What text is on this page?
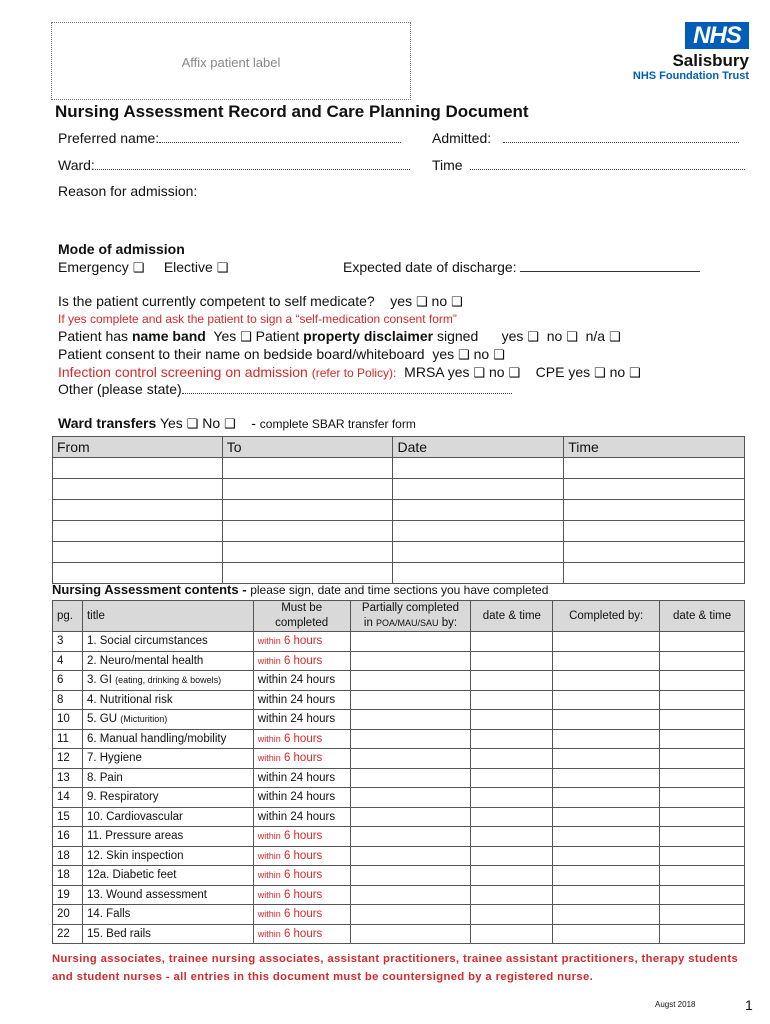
Affix patient label
NHS
Salisbury
NHS Foundation Trust
Nursing Assessment Record and Care Planning Document
Preferred name:	Admitted:
Ward:	Time
Reason for admission:
Mode of admission
Emergency ❑ Elective ❑	Expected date of discharge:
Is the patient currently competent to self medicate? yes ❑ no ❑
If yes complete and ask the patient to sign a “self-medication consent form”
Patient has name band Yes ❑ Patient property disclaimer signed yes ❑ no ❑ n/a ❑
Patient consent to their name on bedside board/whiteboard yes ❑ no ❑
Infection control screening on admission (refer to Policy): MRSA yes ❑ no ❑ CPE yes ❑ no ❑
Other (please state)
Ward transfers Yes ❑ No ❑ - complete SBAR transfer form
From	To	Date	Time

Nursing Assessment contents - please sign, date and time sections you have completed
pg.	title	Must be completed	Partially completed
in POA/MAU/SAU by:	date & time	Completed by:	date & time
3	1. Social circumstances	within 6 hours				
4	2. Neuro/mental health	within 6 hours				
6	3. GI (eating, drinking & bowels)	within 24 hours				
8	4. Nutritional risk	within 24 hours				
10	5. GU (Micturition)	within 24 hours				
11	6. Manual handling/mobility	within 6 hours				
12	7. Hygiene	within 6 hours				
13	8. Pain	within 24 hours				
14	9. Respiratory	within 24 hours				
15	10. Cardiovascular	within 24 hours				
16	11. Pressure areas	within 6 hours				
18	12. Skin inspection	within 6 hours				
18	12a. Diabetic feet	within 6 hours				
19	13. Wound assessment	within 6 hours				
20	14. Falls	within 6 hours				
22	15. Bed rails	within 6 hours				
Nursing associates, trainee nursing associates, assistant practitioners, trainee assistant practitioners, therapy students and student nurses - all entries in this document must be countersigned by a registered nurse.
Augst 2018	1
